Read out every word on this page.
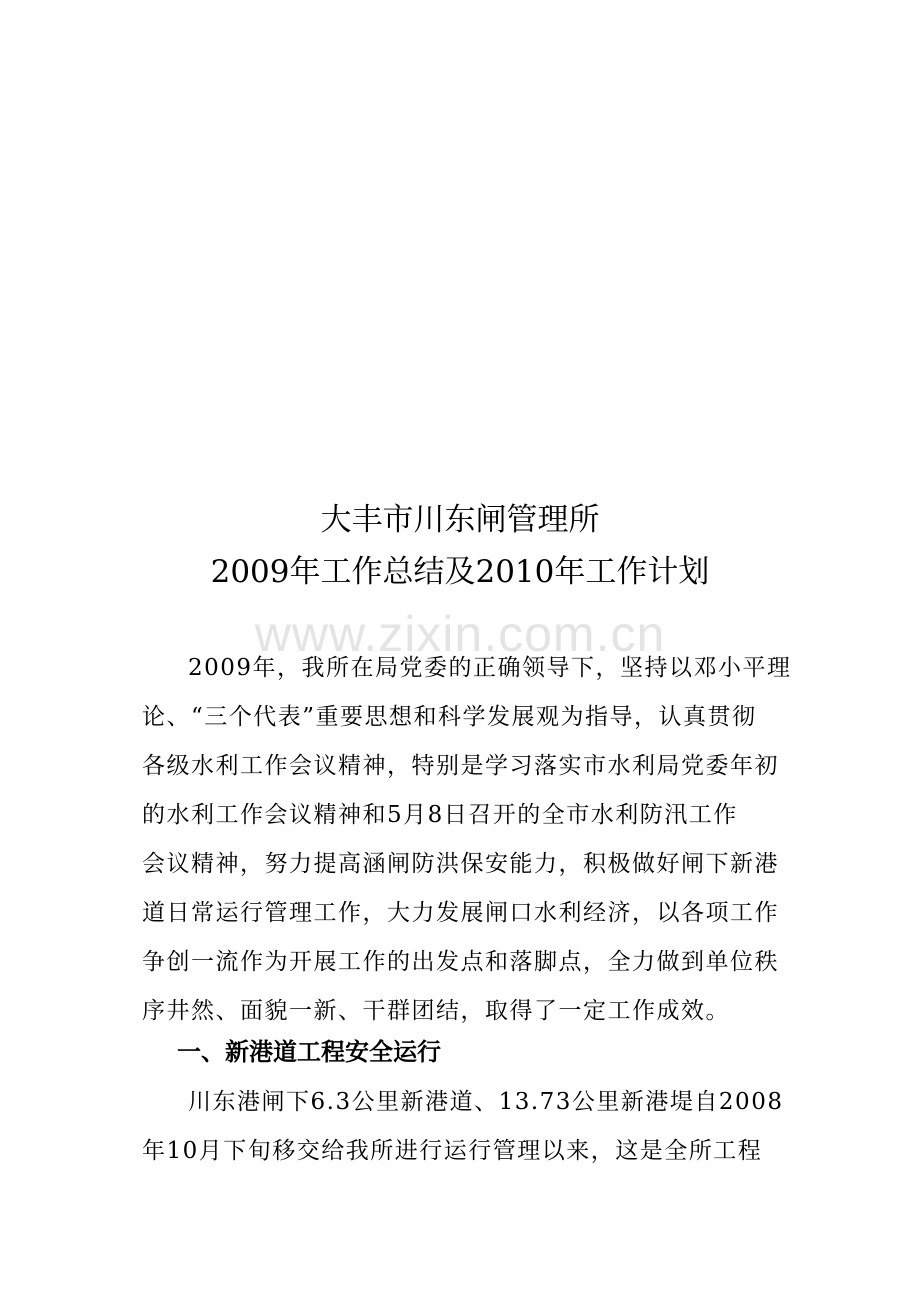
大丰市川东闸管理所
2009年工作总结及2010年工作计划
www.zixin.com.cn
2009年，我所在局党委的正确领导下，坚持以邓小平理
论、“三个代表”重要思想和科学发展观为指导，认真贯彻
各级水利工作会议精神，特别是学习落实市水利局党委年初
的水利工作会议精神和5月8日召开的全市水利防汛工作
会议精神，努力提高涵闸防洪保安能力，积极做好闸下新港
道日常运行管理工作，大力发展闸口水利经济，以各项工作
争创一流作为开展工作的出发点和落脚点，全力做到单位秩
序井然、面貌一新、干群团结，取得了一定工作成效。
一、新港道工程安全运行
川东港闸下6.3公里新港道、13.73公里新港堤自2008
年10月下旬移交给我所进行运行管理以来，这是全所工程
